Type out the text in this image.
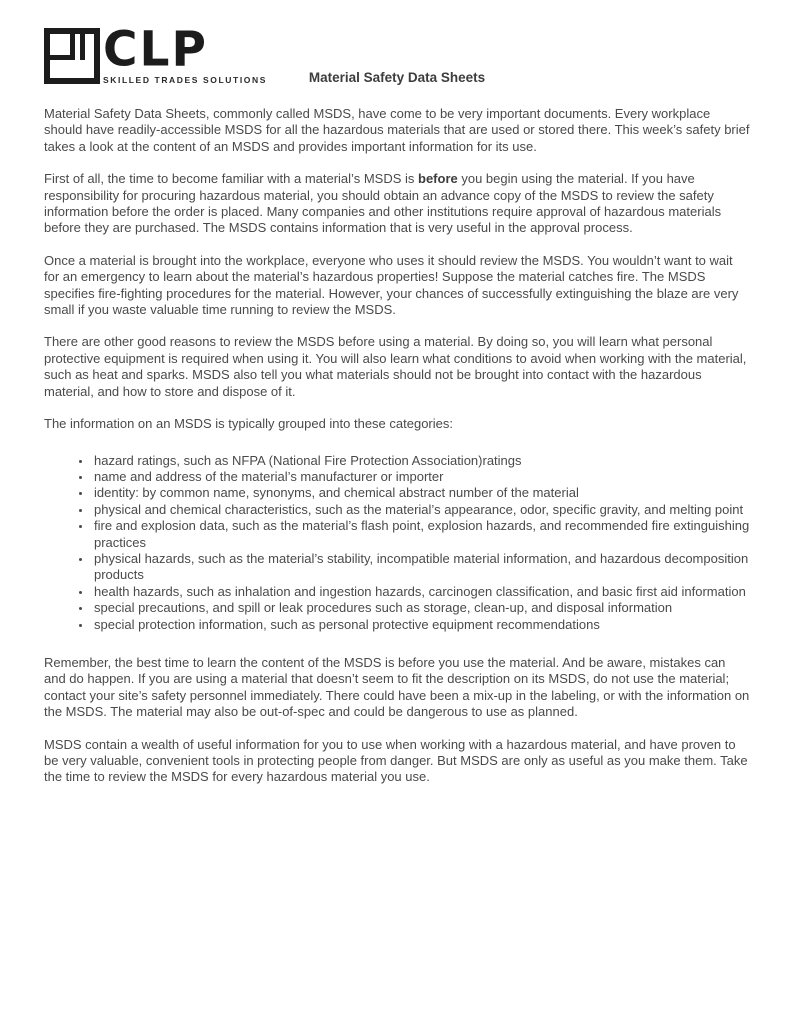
CLP
SKILLED TRADES SOLUTIONS	Material Safety Data Sheets

Material Safety Data Sheets, commonly called MSDS, have come to be very important documents. Every workplace should have readily-accessible MSDS for all the hazardous materials that are used or stored there. This week’s safety brief takes a look at the content of an MSDS and provides important information for its use.

First of all, the time to become familiar with a material’s MSDS is before you begin using the material. If you have responsibility for procuring hazardous material, you should obtain an advance copy of the MSDS to review the safety information before the order is placed. Many companies and other institutions require approval of hazardous materials before they are purchased. The MSDS contains information that is very useful in the approval process.

Once a material is brought into the workplace, everyone who uses it should review the MSDS. You wouldn’t want to wait for an emergency to learn about the material’s hazardous properties! Suppose the material catches fire. The MSDS specifies fire-fighting procedures for the material. However, your chances of successfully extinguishing the blaze are very small if you waste valuable time running to review the MSDS.

There are other good reasons to review the MSDS before using a material. By doing so, you will learn what personal protective equipment is required when using it. You will also learn what conditions to avoid when working with the material, such as heat and sparks. MSDS also tell you what materials should not be brought into contact with the hazardous material, and how to store and dispose of it.

The information on an MSDS is typically grouped into these categories:

• hazard ratings, such as NFPA (National Fire Protection Association)ratings
• name and address of the material’s manufacturer or importer
• identity: by common name, synonyms, and chemical abstract number of the material
• physical and chemical characteristics, such as the material’s appearance, odor, specific gravity, and melting point
• fire and explosion data, such as the material’s flash point, explosion hazards, and recommended fire extinguishing practices
• physical hazards, such as the material’s stability, incompatible material information, and hazardous decomposition products
• health hazards, such as inhalation and ingestion hazards, carcinogen classification, and basic first aid information
• special precautions, and spill or leak procedures such as storage, clean-up, and disposal information
• special protection information, such as personal protective equipment recommendations

Remember, the best time to learn the content of the MSDS is before you use the material. And be aware, mistakes can and do happen. If you are using a material that doesn’t seem to fit the description on its MSDS, do not use the material; contact your site’s safety personnel immediately. There could have been a mix-up in the labeling, or with the information on the MSDS. The material may also be out-of-spec and could be dangerous to use as planned.

MSDS contain a wealth of useful information for you to use when working with a hazardous material, and have proven to be very valuable, convenient tools in protecting people from danger. But MSDS are only as useful as you make them. Take the time to review the MSDS for every hazardous material you use.
